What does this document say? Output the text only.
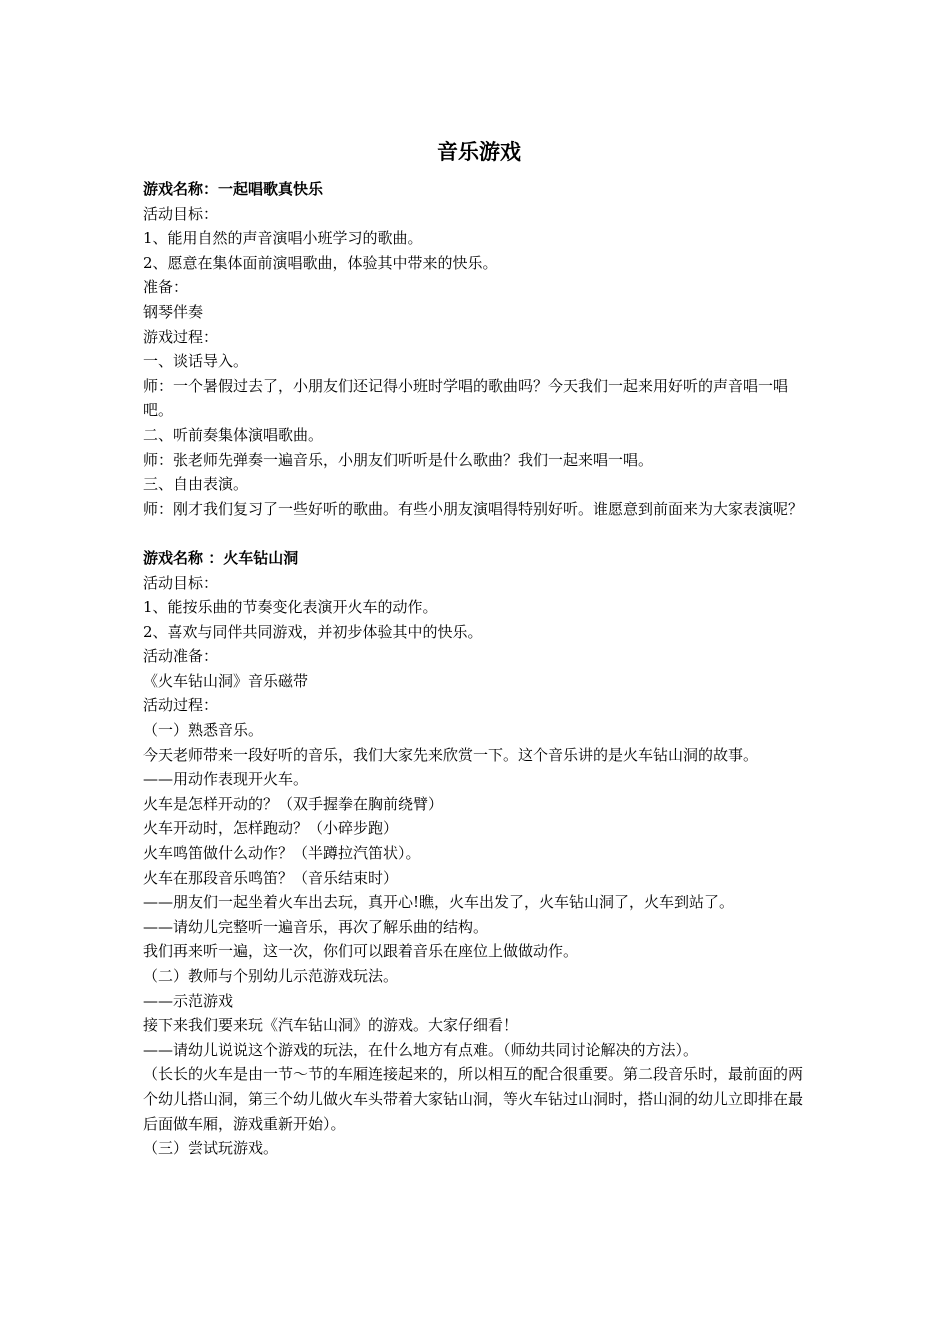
音乐游戏
游戏名称：一起唱歌真快乐
活动目标：
1、能用自然的声音演唱小班学习的歌曲。
2、愿意在集体面前演唱歌曲，体验其中带来的快乐。
准备：
钢琴伴奏
游戏过程：
一、谈话导入。
师：一个暑假过去了，小朋友们还记得小班时学唱的歌曲吗？今天我们一起来用好听的声音唱一唱吧。
二、听前奏集体演唱歌曲。
师：张老师先弹奏一遍音乐，小朋友们听听是什么歌曲？我们一起来唱一唱。
三、自由表演。
师：刚才我们复习了一些好听的歌曲。有些小朋友演唱得特别好听。谁愿意到前面来为大家表演呢？
游戏名称 ：火车钻山洞
活动目标：
1、能按乐曲的节奏变化表演开火车的动作。
2、喜欢与同伴共同游戏，并初步体验其中的快乐。
活动准备：
《火车钻山洞》音乐磁带
活动过程：
（一）熟悉音乐。
今天老师带来一段好听的音乐，我们大家先来欣赏一下。这个音乐讲的是火车钻山洞的故事。
——用动作表现开火车。
火车是怎样开动的？（双手握拳在胸前绕臂）
火车开动时，怎样跑动？（小碎步跑）
火车鸣笛做什么动作？（半蹲拉汽笛状）。
火车在那段音乐鸣笛？（音乐结束时）
——朋友们一起坐着火车出去玩，真开心!瞧，火车出发了，火车钻山洞了，火车到站了。
——请幼儿完整听一遍音乐，再次了解乐曲的结构。
我们再来听一遍，这一次，你们可以跟着音乐在座位上做做动作。
（二）教师与个别幼儿示范游戏玩法。
——示范游戏
接下来我们要来玩《汽车钻山洞》的游戏。大家仔细看！
——请幼儿说说这个游戏的玩法，在什么地方有点难。（师幼共同讨论解决的方法）。
（长长的火车是由一节～节的车厢连接起来的，所以相互的配合很重要。第二段音乐时，最前面的两个幼儿搭山洞，第三个幼儿做火车头带着大家钻山洞，等火车钻过山洞时，搭山洞的幼儿立即排在最后面做车厢，游戏重新开始）。
（三）尝试玩游戏。
